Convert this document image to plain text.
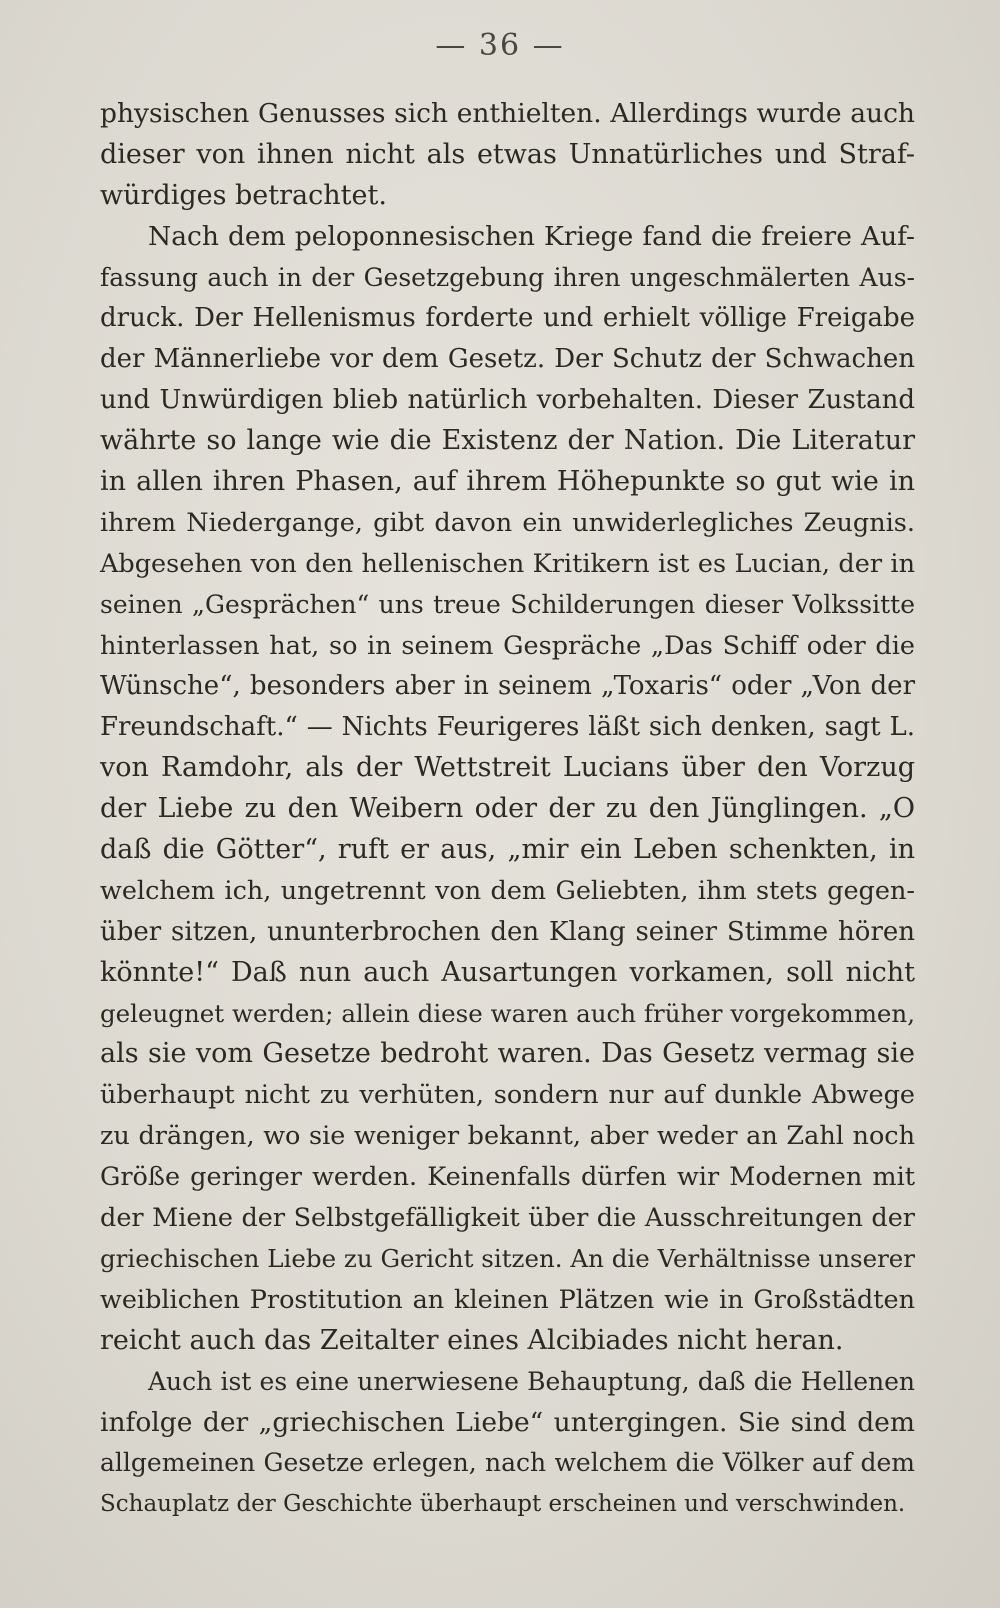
— 36 —
physischen Genusses sich enthielten. Allerdings wurde auch
dieser von ihnen nicht als etwas Unnatürliches und Straf-
würdiges betrachtet.
Nach dem peloponnesischen Kriege fand die freiere Auf-
fassung auch in der Gesetzgebung ihren ungeschmälerten Aus-
druck. Der Hellenismus forderte und erhielt völlige Freigabe
der Männerliebe vor dem Gesetz. Der Schutz der Schwachen
und Unwürdigen blieb natürlich vorbehalten. Dieser Zustand
währte so lange wie die Existenz der Nation. Die Literatur
in allen ihren Phasen, auf ihrem Höhepunkte so gut wie in
ihrem Niedergange, gibt davon ein unwiderlegliches Zeugnis.
Abgesehen von den hellenischen Kritikern ist es Lucian, der in
seinen „Gesprächen“ uns treue Schilderungen dieser Volkssitte
hinterlassen hat, so in seinem Gespräche „Das Schiff oder die
Wünsche“, besonders aber in seinem „Toxaris“ oder „Von der
Freundschaft.“ — Nichts Feurigeres läßt sich denken, sagt L.
von Ramdohr, als der Wettstreit Lucians über den Vorzug
der Liebe zu den Weibern oder der zu den Jünglingen. „O
daß die Götter“, ruft er aus, „mir ein Leben schenkten, in
welchem ich, ungetrennt von dem Geliebten, ihm stets gegen-
über sitzen, ununterbrochen den Klang seiner Stimme hören
könnte!“ Daß nun auch Ausartungen vorkamen, soll nicht
geleugnet werden; allein diese waren auch früher vorgekommen,
als sie vom Gesetze bedroht waren. Das Gesetz vermag sie
überhaupt nicht zu verhüten, sondern nur auf dunkle Abwege
zu drängen, wo sie weniger bekannt, aber weder an Zahl noch
Größe geringer werden. Keinenfalls dürfen wir Modernen mit
der Miene der Selbstgefälligkeit über die Ausschreitungen der
griechischen Liebe zu Gericht sitzen. An die Verhältnisse unserer
weiblichen Prostitution an kleinen Plätzen wie in Großstädten
reicht auch das Zeitalter eines Alcibiades nicht heran.
Auch ist es eine unerwiesene Behauptung, daß die Hellenen
infolge der „griechischen Liebe“ untergingen. Sie sind dem
allgemeinen Gesetze erlegen, nach welchem die Völker auf dem
Schauplatz der Geschichte überhaupt erscheinen und verschwinden.
